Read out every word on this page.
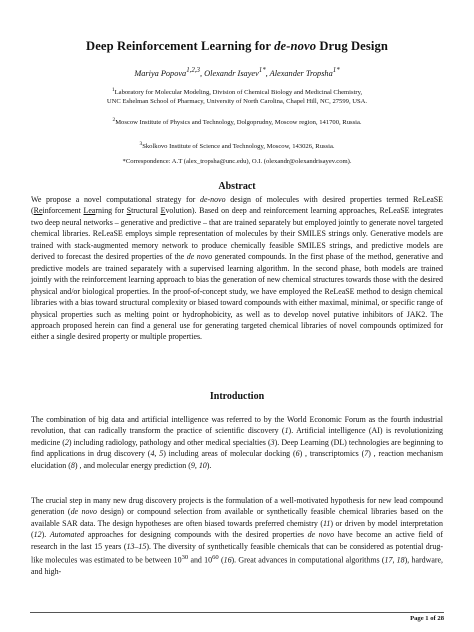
Deep Reinforcement Learning for de-novo Drug Design
Mariya Popova$^{1,2,3}$, Olexandr Isayev$^{1*}$, Alexander Tropsha$^{1*}$
$^1$Laboratory for Molecular Modeling, Division of Chemical Biology and Medicinal Chemistry,
UNC Eshelman School of Pharmacy, University of North Carolina, Chapel Hill, NC, 27599, USA.
$^2$Moscow Institute of Physics and Technology, Dolgoprudny, Moscow region, 141700, Russia.
$^3$Skolkovo Institute of Science and Technology, Moscow, 143026, Russia.
*Correspondence: A.T (alex_tropsha@unc.edu), O.I. (olexandr@olexandrisayev.com).
Abstract

We propose a novel computational strategy for de-novo design of molecules with desired properties termed ReLeaSE (Reinforcement Learning for Structural Evolution). Based on deep and reinforcement learning approaches, ReLeaSE integrates two deep neural networks – generative and predictive – that are trained separately but employed jointly to generate novel targeted chemical libraries. ReLeaSE employs simple representation of molecules by their SMILES strings only. Generative models are trained with stack-augmented memory network to produce chemically feasible SMILES strings, and predictive models are derived to forecast the desired properties of the de novo generated compounds. In the first phase of the method, generative and predictive models are trained separately with a supervised learning algorithm. In the second phase, both models are trained jointly with the reinforcement learning approach to bias the generation of new chemical structures towards those with the desired physical and/or biological properties. In the proof-of-concept study, we have employed the ReLeaSE method to design chemical libraries with a bias toward structural complexity or biased toward compounds with either maximal, minimal, or specific range of physical properties such as melting point or hydrophobicity, as well as to develop novel putative inhibitors of JAK2. The approach proposed herein can find a general use for generating targeted chemical libraries of novel compounds optimized for either a single desired property or multiple properties.

Introduction

The combination of big data and artificial intelligence was referred to by the World Economic Forum as the fourth industrial revolution, that can radically transform the practice of scientific discovery (1). Artificial intelligence (AI) is revolutionizing medicine (2) including radiology, pathology and other medical specialties (3). Deep Learning (DL) technologies are beginning to find applications in drug discovery (4, 5) including areas of molecular docking (6) , transcriptomics (7) , reaction mechanism elucidation (8) , and molecular energy prediction (9, 10).

The crucial step in many new drug discovery projects is the formulation of a well-motivated hypothesis for new lead compound generation (de novo design) or compound selection from available or synthetically feasible chemical libraries based on the available SAR data. The design hypotheses are often biased towards preferred chemistry (11) or driven by model interpretation (12). Automated approaches for designing compounds with the desired properties de novo have become an active field of research in the last 15 years (13–15). The diversity of synthetically feasible chemicals that can be considered as potential drug-like molecules was estimated to be between $10^{30}$ and $10^{60}$ (16). Great advances in computational algorithms (17, 18), hardware, and high-

Page 1 of 28
